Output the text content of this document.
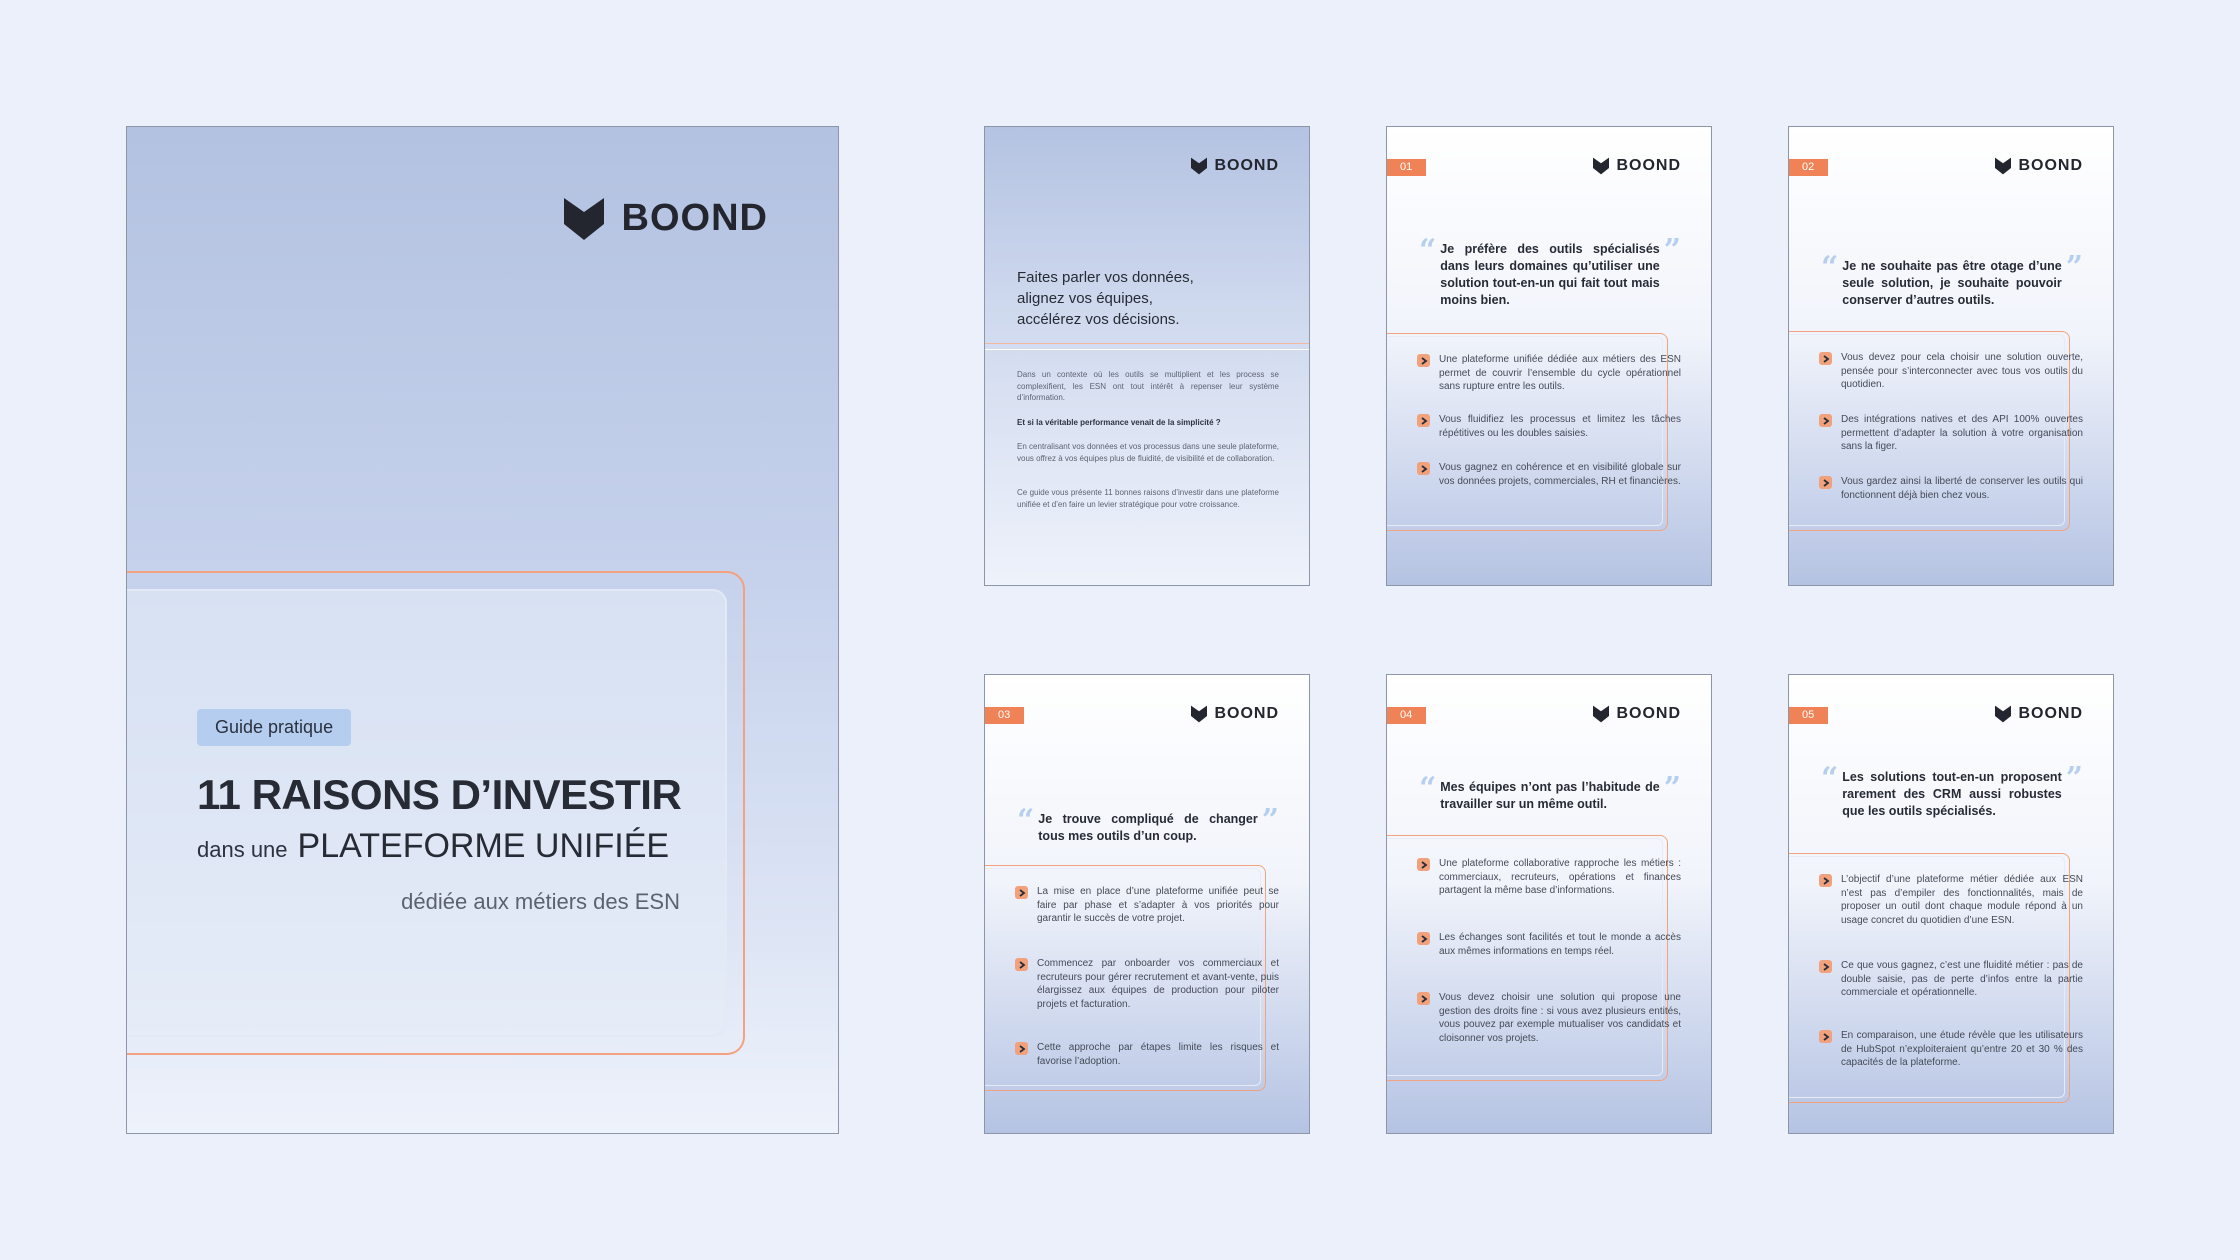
BOOND
Guide pratique
11 RAISONS D’INVESTIR
dans une PLATEFORME UNIFIÉE
dédiée aux métiers des ESN
BOOND
Faites parler vos données,
alignez vos équipes,
accélérez vos décisions.
Dans un contexte où les outils se multiplient et les process se complexifient, les ESN ont tout intérêt à repenser leur système d’information.
Et si la véritable performance venait de la simplicité ?
En centralisant vos données et vos processus dans une seule plateforme, vous offrez à vos équipes plus de fluidité, de visibilité et de collaboration.
Ce guide vous présente 11 bonnes raisons d’investir dans une plateforme unifiée et d’en faire un levier stratégique pour votre croissance.
01	BOOND
“ Je préfère des outils spécialisés dans leurs domaines qu’utiliser une solution tout-en-un qui fait tout mais moins bien.
”
Une plateforme unifiée dédiée aux métiers des ESN permet de couvrir l’ensemble du cycle opérationnel sans rupture entre les outils.
Vous fluidifiez les processus et limitez les tâches répétitives ou les doubles saisies.
Vous gagnez en cohérence et en visibilité globale sur vos données projets, commerciales, RH et financières.
02	BOOND
“ Je ne souhaite pas être otage d’une seule solution, je souhaite pouvoir conserver d’autres outils.
”
Vous devez pour cela choisir une solution ouverte, pensée pour s’interconnecter avec tous vos outils du quotidien.
Des intégrations natives et des API 100% ouvertes permettent d’adapter la solution à votre organisation sans la figer.
Vous gardez ainsi la liberté de conserver les outils qui fonctionnent déjà bien chez vous.
03	BOOND
“ Je trouve compliqué de changer tous mes outils d’un coup.	”
La mise en place d’une plateforme unifiée peut se faire par phase et s’adapter à vos priorités pour garantir le succès de votre projet.
Commencez par onboarder vos commerciaux et recruteurs pour gérer recrutement et avant-vente, puis élargissez aux équipes de production pour piloter projets et facturation.
Cette approche par étapes limite les risques et favorise l’adoption.
04	BOOND
“ Mes équipes n’ont pas l’habitude de travailler sur un même outil.	”
Une plateforme collaborative rapproche les métiers : commerciaux, recruteurs, opérations et finances partagent la même base d’informations.
Les échanges sont facilités et tout le monde a accès aux mêmes informations en temps réel.
Vous devez choisir une solution qui propose une gestion des droits fine : si vous avez plusieurs entités, vous pouvez par exemple mutualiser vos candidats et cloisonner vos projets.
05	BOOND
“ Les solutions tout-en-un proposent rarement des CRM aussi robustes que les outils spécialisés.
”
L’objectif d’une plateforme métier dédiée aux ESN n’est pas d’empiler des fonctionnalités, mais de proposer un outil dont chaque module répond à un usage concret du quotidien d’une ESN.
Ce que vous gagnez, c’est une fluidité métier : pas de double saisie, pas de perte d’infos entre la partie commerciale et opérationnelle.
En comparaison, une étude révèle que les utilisateurs de HubSpot n’exploiteraient qu’entre 20 et 30 % des capacités de la plateforme.
